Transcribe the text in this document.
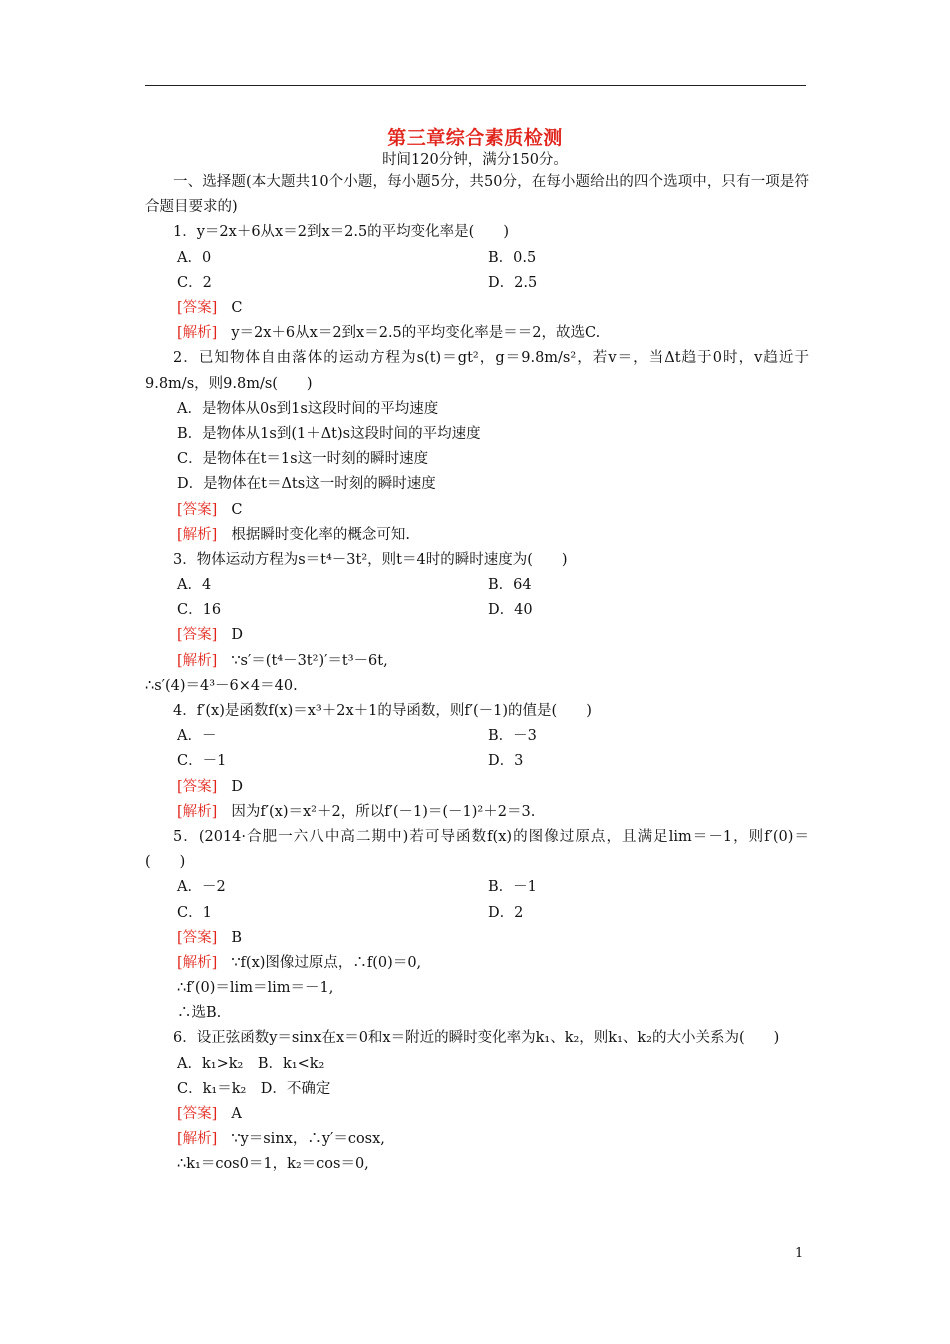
第三章综合素质检测
时间120分钟，满分150分。
一、选择题(本大题共10个小题，每小题5分，共50分，在每小题给出的四个选项中，只有一项是符合题目要求的)
1．y＝2x＋6从x＝2到x＝2.5的平均变化率是(　　)
A．0	B．0.5
C．2	D．2.5
[答案] C
[解析] y＝2x＋6从x＝2到x＝2.5的平均变化率是＝＝2，故选C.
2．已知物体自由落体的运动方程为s(t)＝gt²，g＝9.8m/s²，若v＝，当Δt趋于0时，v趋近于9.8m/s，则9.8m/s(　　)
A．是物体从0s到1s这段时间的平均速度
B．是物体从1s到(1＋Δt)s这段时间的平均速度
C．是物体在t＝1s这一时刻的瞬时速度
D．是物体在t＝Δts这一时刻的瞬时速度
[答案] C
[解析] 根据瞬时变化率的概念可知.
3．物体运动方程为s＝t⁴－3t²，则t＝4时的瞬时速度为(　　)
A．4	B．64
C．16	D．40
[答案] D
[解析] ∵s′＝(t⁴－3t²)′＝t³－6t,
∴s′(4)＝4³－6×4＝40.
4．f′(x)是函数f(x)＝x³＋2x＋1的导函数，则f′(－1)的值是(　　)
A．－	B．－3
C．－1	D．3
[答案] D
[解析] 因为f′(x)＝x²＋2，所以f′(－1)＝(－1)²＋2＝3.
5．(2014·合肥一六八中高二期中)若可导函数f(x)的图像过原点，且满足lim＝－1，则f′(0)＝(　　)
A．－2	B．－1
C．1	D．2
[答案] B
[解析] ∵f(x)图像过原点，∴f(0)＝0,
∴f′(0)＝lim＝lim＝－1,
∴选B.
6．设正弦函数y＝sinx在x＝0和x＝附近的瞬时变化率为k₁、k₂，则k₁、k₂的大小关系为(　　)
A．k₁>k₂　B．k₁<k₂
C．k₁＝k₂　D．不确定
[答案] A
[解析] ∵y＝sinx，∴y′＝cosx,
∴k₁＝cos0＝1，k₂＝cos＝0,
1
